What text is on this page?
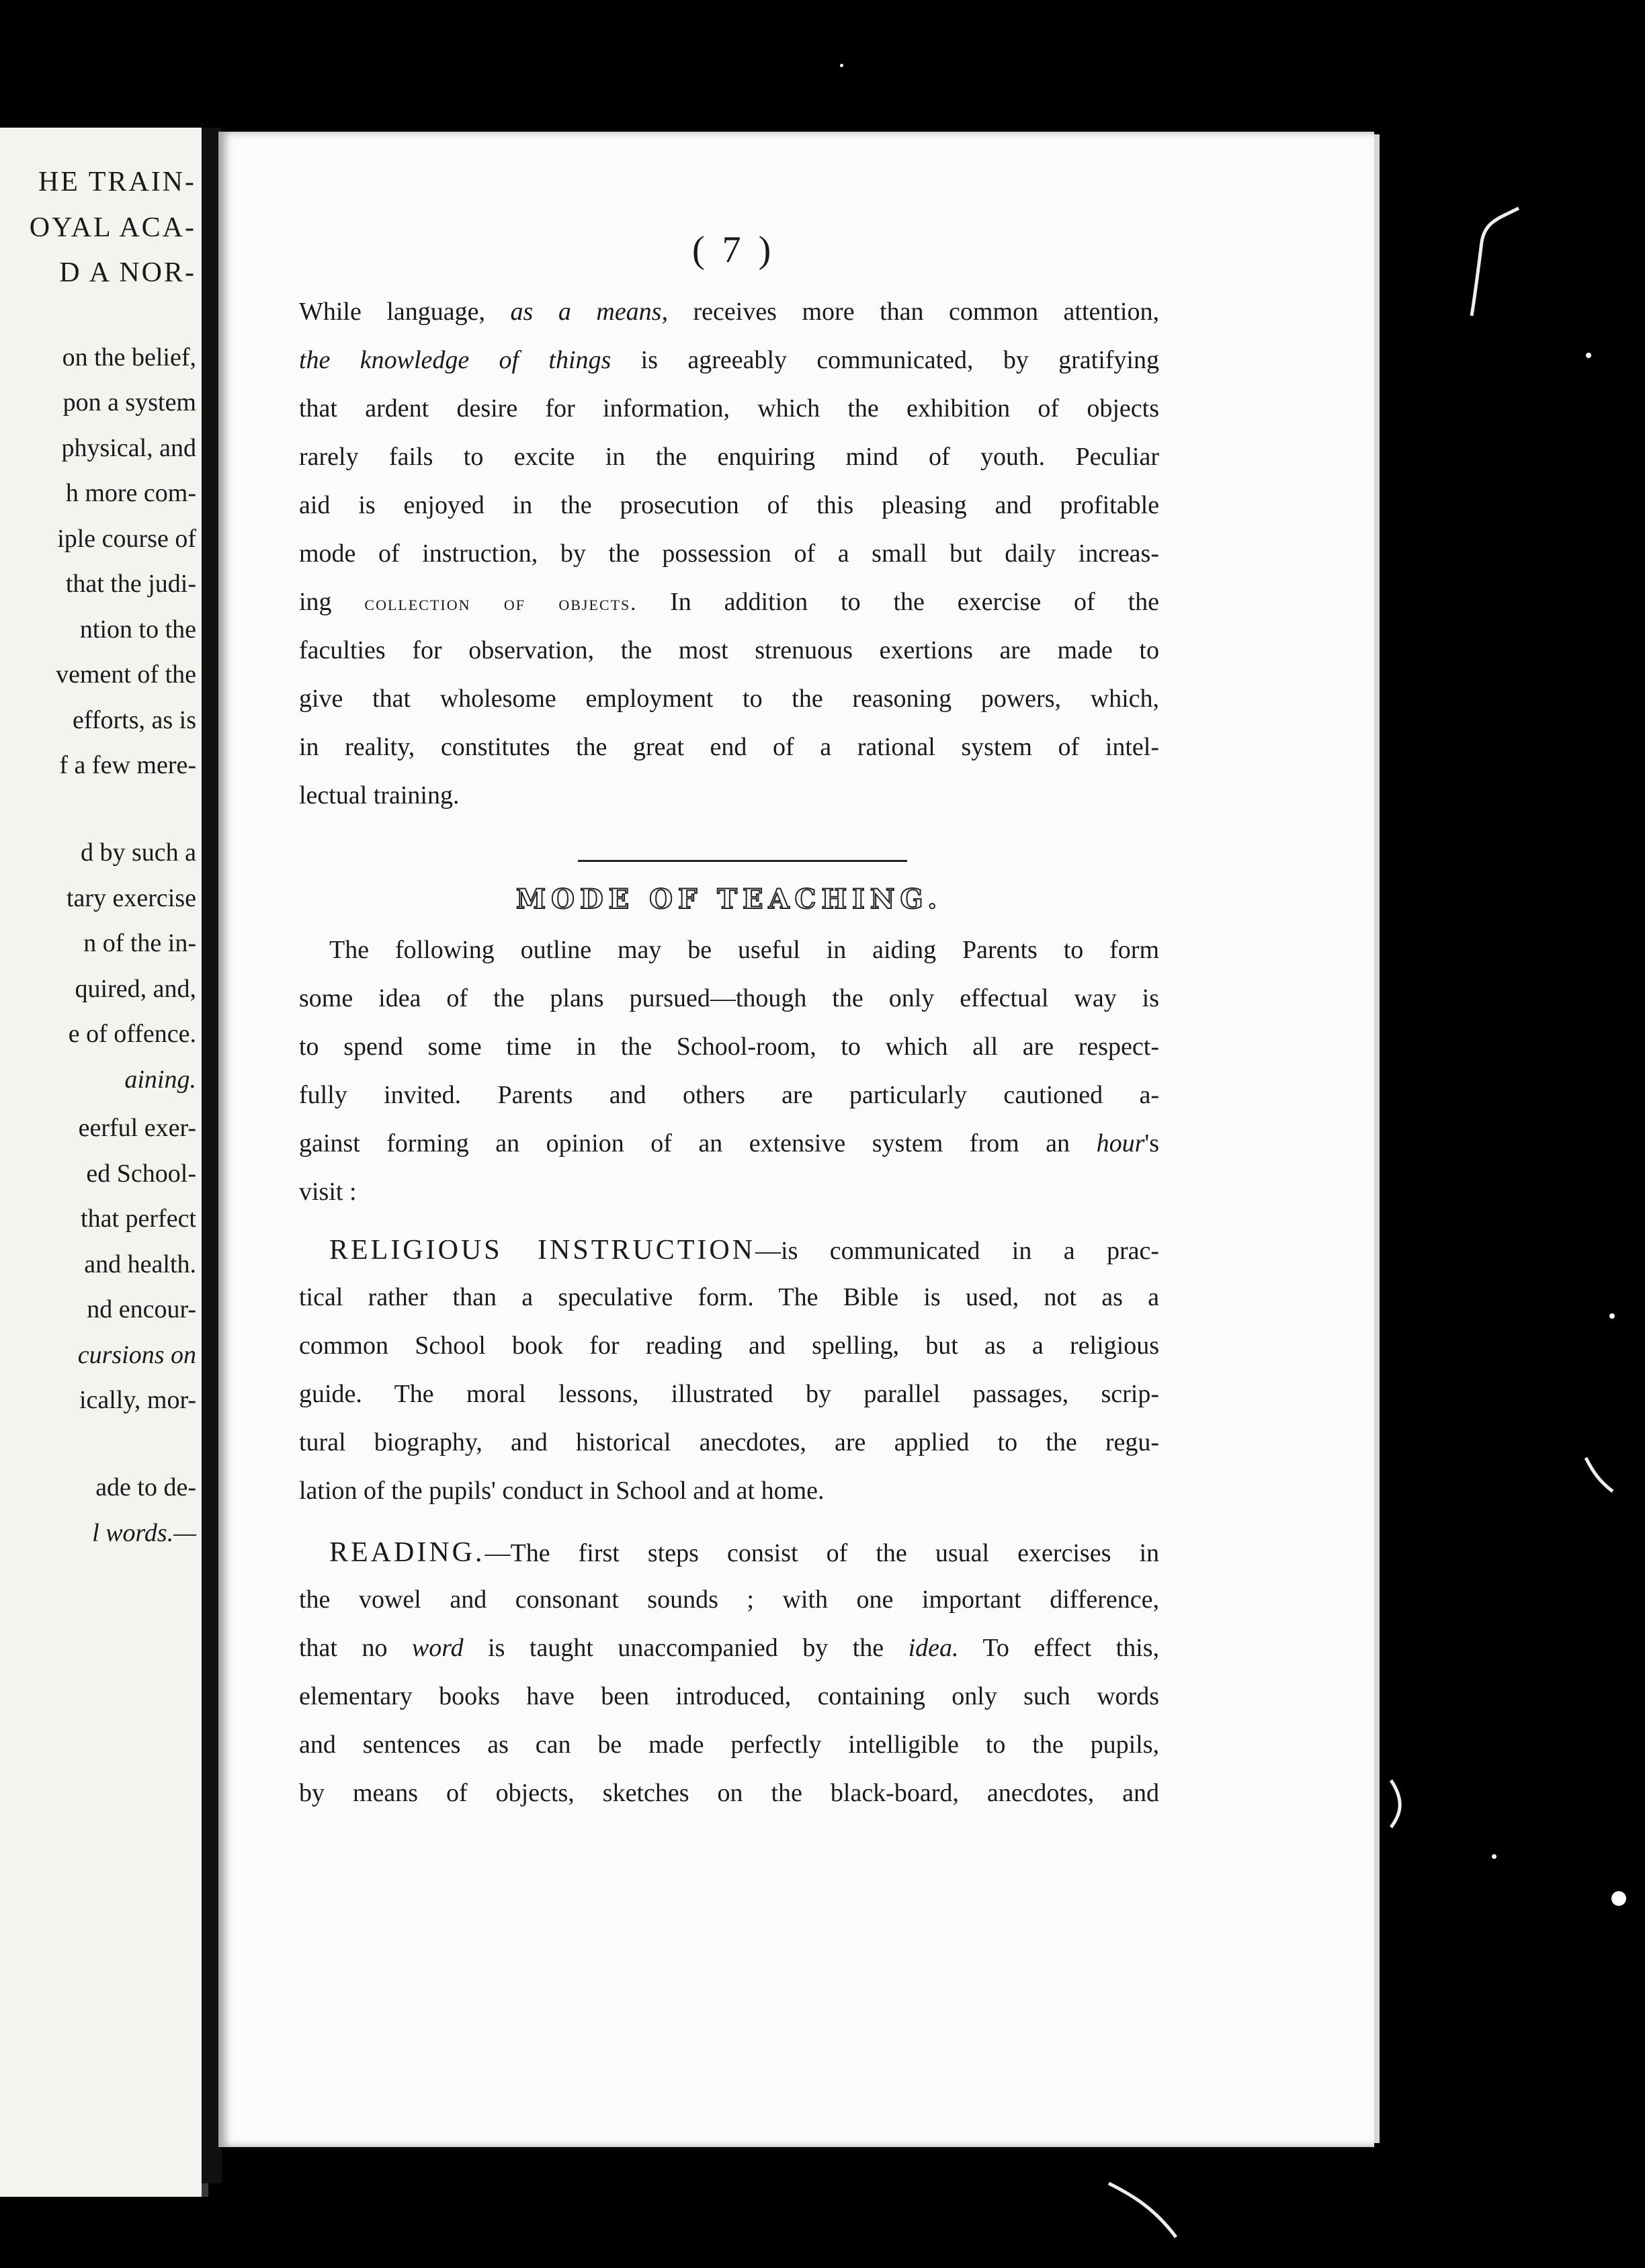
HE TRAIN-
OYAL ACA-
D A NOR-
on the belief,
pon a system
physical, and
h more com-
iple course of
that the judi-
ntion to the
vement of the
efforts, as is
f a few mere-
d by such a
tary exercise
n of the in-
quired, and,
e of offence.
aining.
eerful exer-
ed School-
that perfect
and health.
nd encour-
cursions on
ically, mor-
ade to de-
l words.—
( 7 )
While language, as a means, receives more than common attention,
the knowledge of things is agreeably communicated, by gratifying
that ardent desire for information, which the exhibition of objects
rarely fails to excite in the enquiring mind of youth. Peculiar
aid is enjoyed in the prosecution of this pleasing and profitable
mode of instruction, by the possession of a small but daily increas-
ing collection of objects. In addition to the exercise of the
faculties for observation, the most strenuous exertions are made to
give that wholesome employment to the reasoning powers, which,
in reality, constitutes the great end of a rational system of intel-
lectual training.
The following outline may be useful in aiding Parents to form
some idea of the plans pursued—though the only effectual way is
to spend some time in the School-room, to which all are respect-
fully invited. Parents and others are particularly cautioned a-
gainst forming an opinion of an extensive system from an hour's
visit :
RELIGIOUS INSTRUCTION—is communicated in a prac-
tical rather than a speculative form. The Bible is used, not as a
common School book for reading and spelling, but as a religious
guide. The moral lessons, illustrated by parallel passages, scrip-
tural biography, and historical anecdotes, are applied to the regu-
lation of the pupils' conduct in School and at home.
READING.—The first steps consist of the usual exercises in
the vowel and consonant sounds ; with one important difference,
that no word is taught unaccompanied by the idea. To effect this,
elementary books have been introduced, containing only such words
and sentences as can be made perfectly intelligible to the pupils,
by means of objects, sketches on the black-board, anecdotes, and
MODE OF TEACHING.
